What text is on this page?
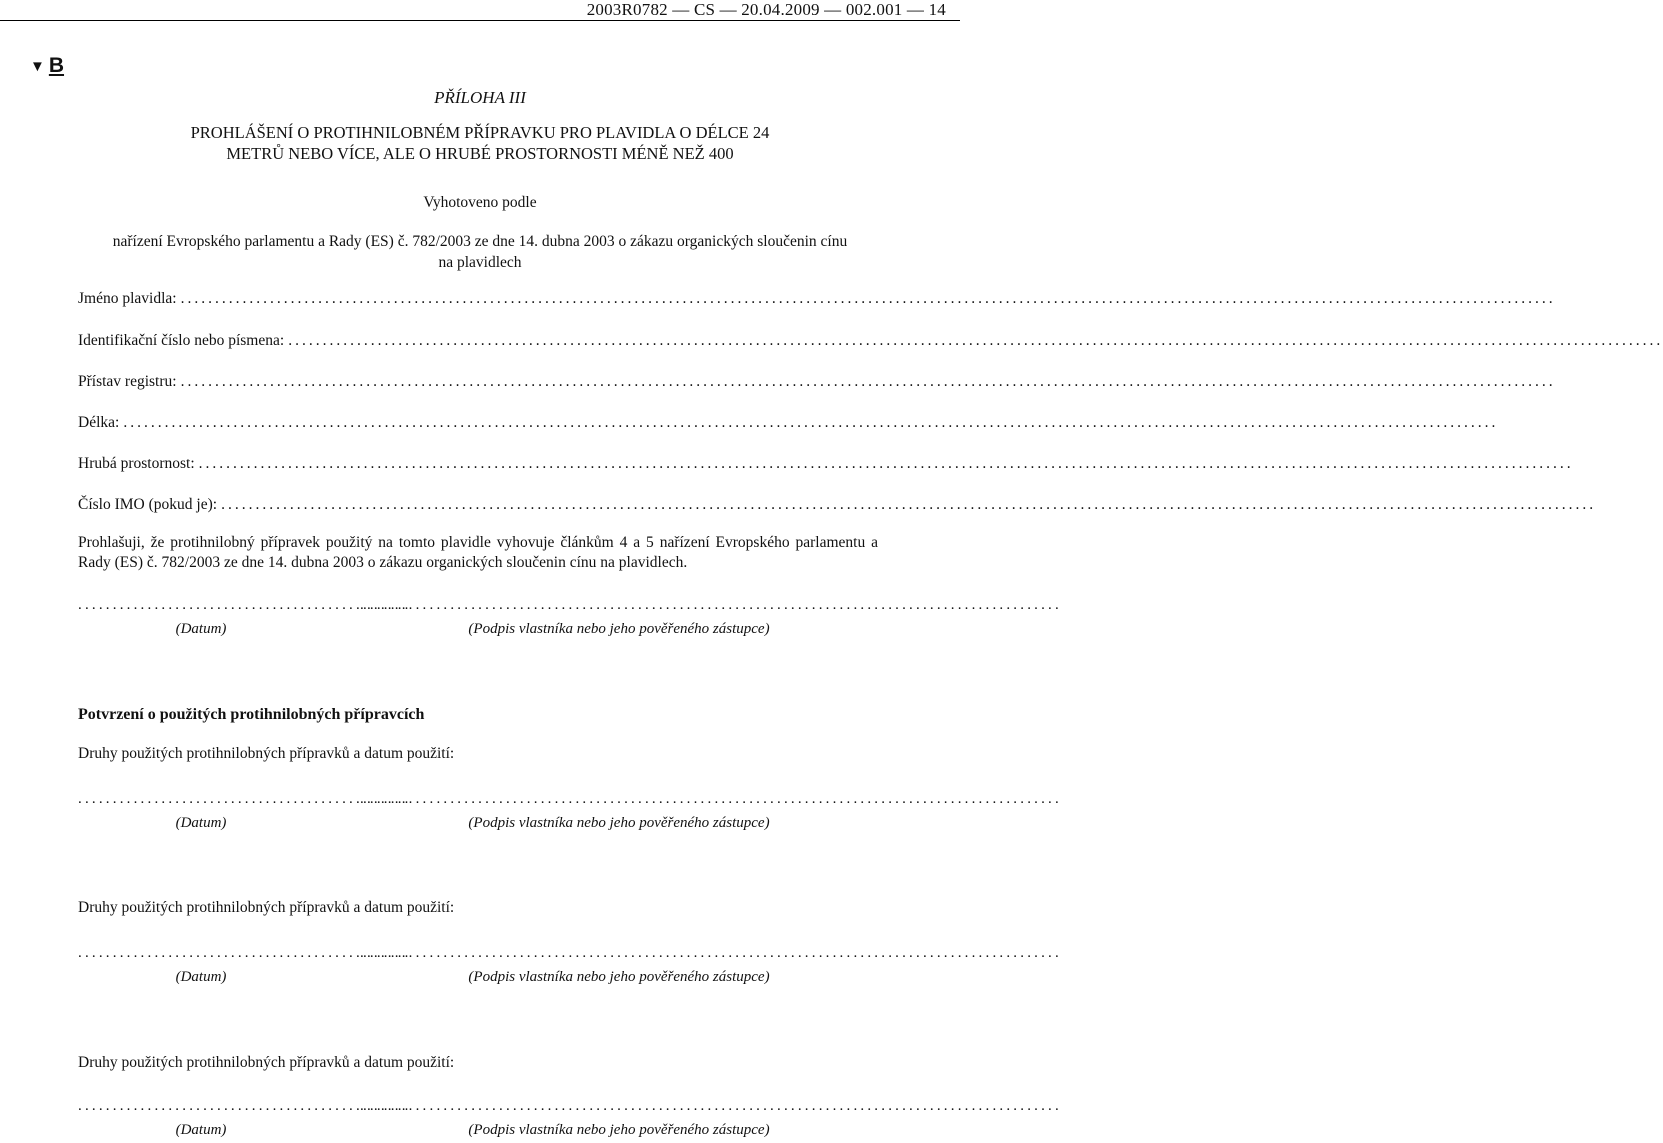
2003R0782 — CS — 20.04.2009 — 002.001 — 14
▼ B
PŘÍLOHA III
PROHLÁŠENÍ O PROTIHNILOBNÉM PŘÍPRAVKU PRO PLAVIDLA O DÉLCE 24
METRŮ NEBO VÍCE, ALE O HRUBÉ PROSTORNOSTI MÉNĚ NEŽ 400
Vyhotoveno podle
nařízení Evropského parlamentu a Rady (ES) č. 782/2003 ze dne 14. dubna 2003 o zákazu organických sloučenin cínu
na plavidlech
Jméno plavidla: ........................................................................................................................................................................................................
Identifikační číslo nebo písmena: ........................................................................................................................................................................................................
Přístav registru: ........................................................................................................................................................................................................
Délka: ........................................................................................................................................................................................................
Hrubá prostornost: ........................................................................................................................................................................................................
Číslo IMO (pokud je): ........................................................................................................................................................................................................
Prohlašuji, že protihnilobný přípravek použitý na tomto plavidle vyhovuje článkům 4 a 5 nařízení Evropského parlamentu a Rady (ES) č. 782/2003 ze dne 14. dubna 2003 o zákazu organických sloučenin cínu na plavidlech.
................................................
(Datum)
.....................................................................................................
(Podpis vlastníka nebo jeho pověřeného zástupce)
Potvrzení o použitých protihnilobných přípravcích
Druhy použitých protihnilobných přípravků a datum použití:
................................................
(Datum)
.....................................................................................................
(Podpis vlastníka nebo jeho pověřeného zástupce)
Druhy použitých protihnilobných přípravků a datum použití:
................................................
(Datum)
.....................................................................................................
(Podpis vlastníka nebo jeho pověřeného zástupce)
Druhy použitých protihnilobných přípravků a datum použití:
................................................
(Datum)
.....................................................................................................
(Podpis vlastníka nebo jeho pověřeného zástupce)
